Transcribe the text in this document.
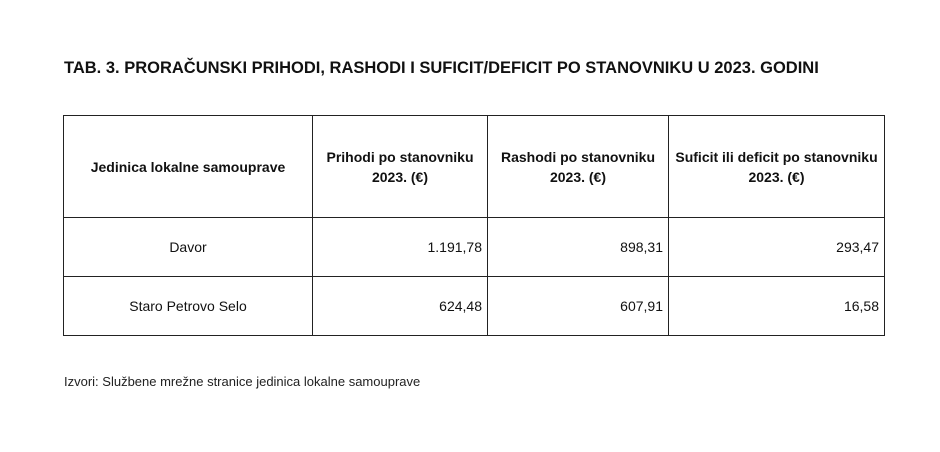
TAB. 3. PRORAČUNSKI PRIHODI, RASHODI I SUFICIT/DEFICIT PO STANOVNIKU U 2023. GODINI
Jedinica lokalne samouprave	Prihodi po stanovniku 2023. (€)	Rashodi po stanovniku 2023. (€)	Suficit ili deficit po stanovniku 2023. (€)
Davor	1.191,78	898,31	293,47
Staro Petrovo Selo	624,48	607,91	16,58

Izvori: Službene mrežne stranice jedinica lokalne samouprave
